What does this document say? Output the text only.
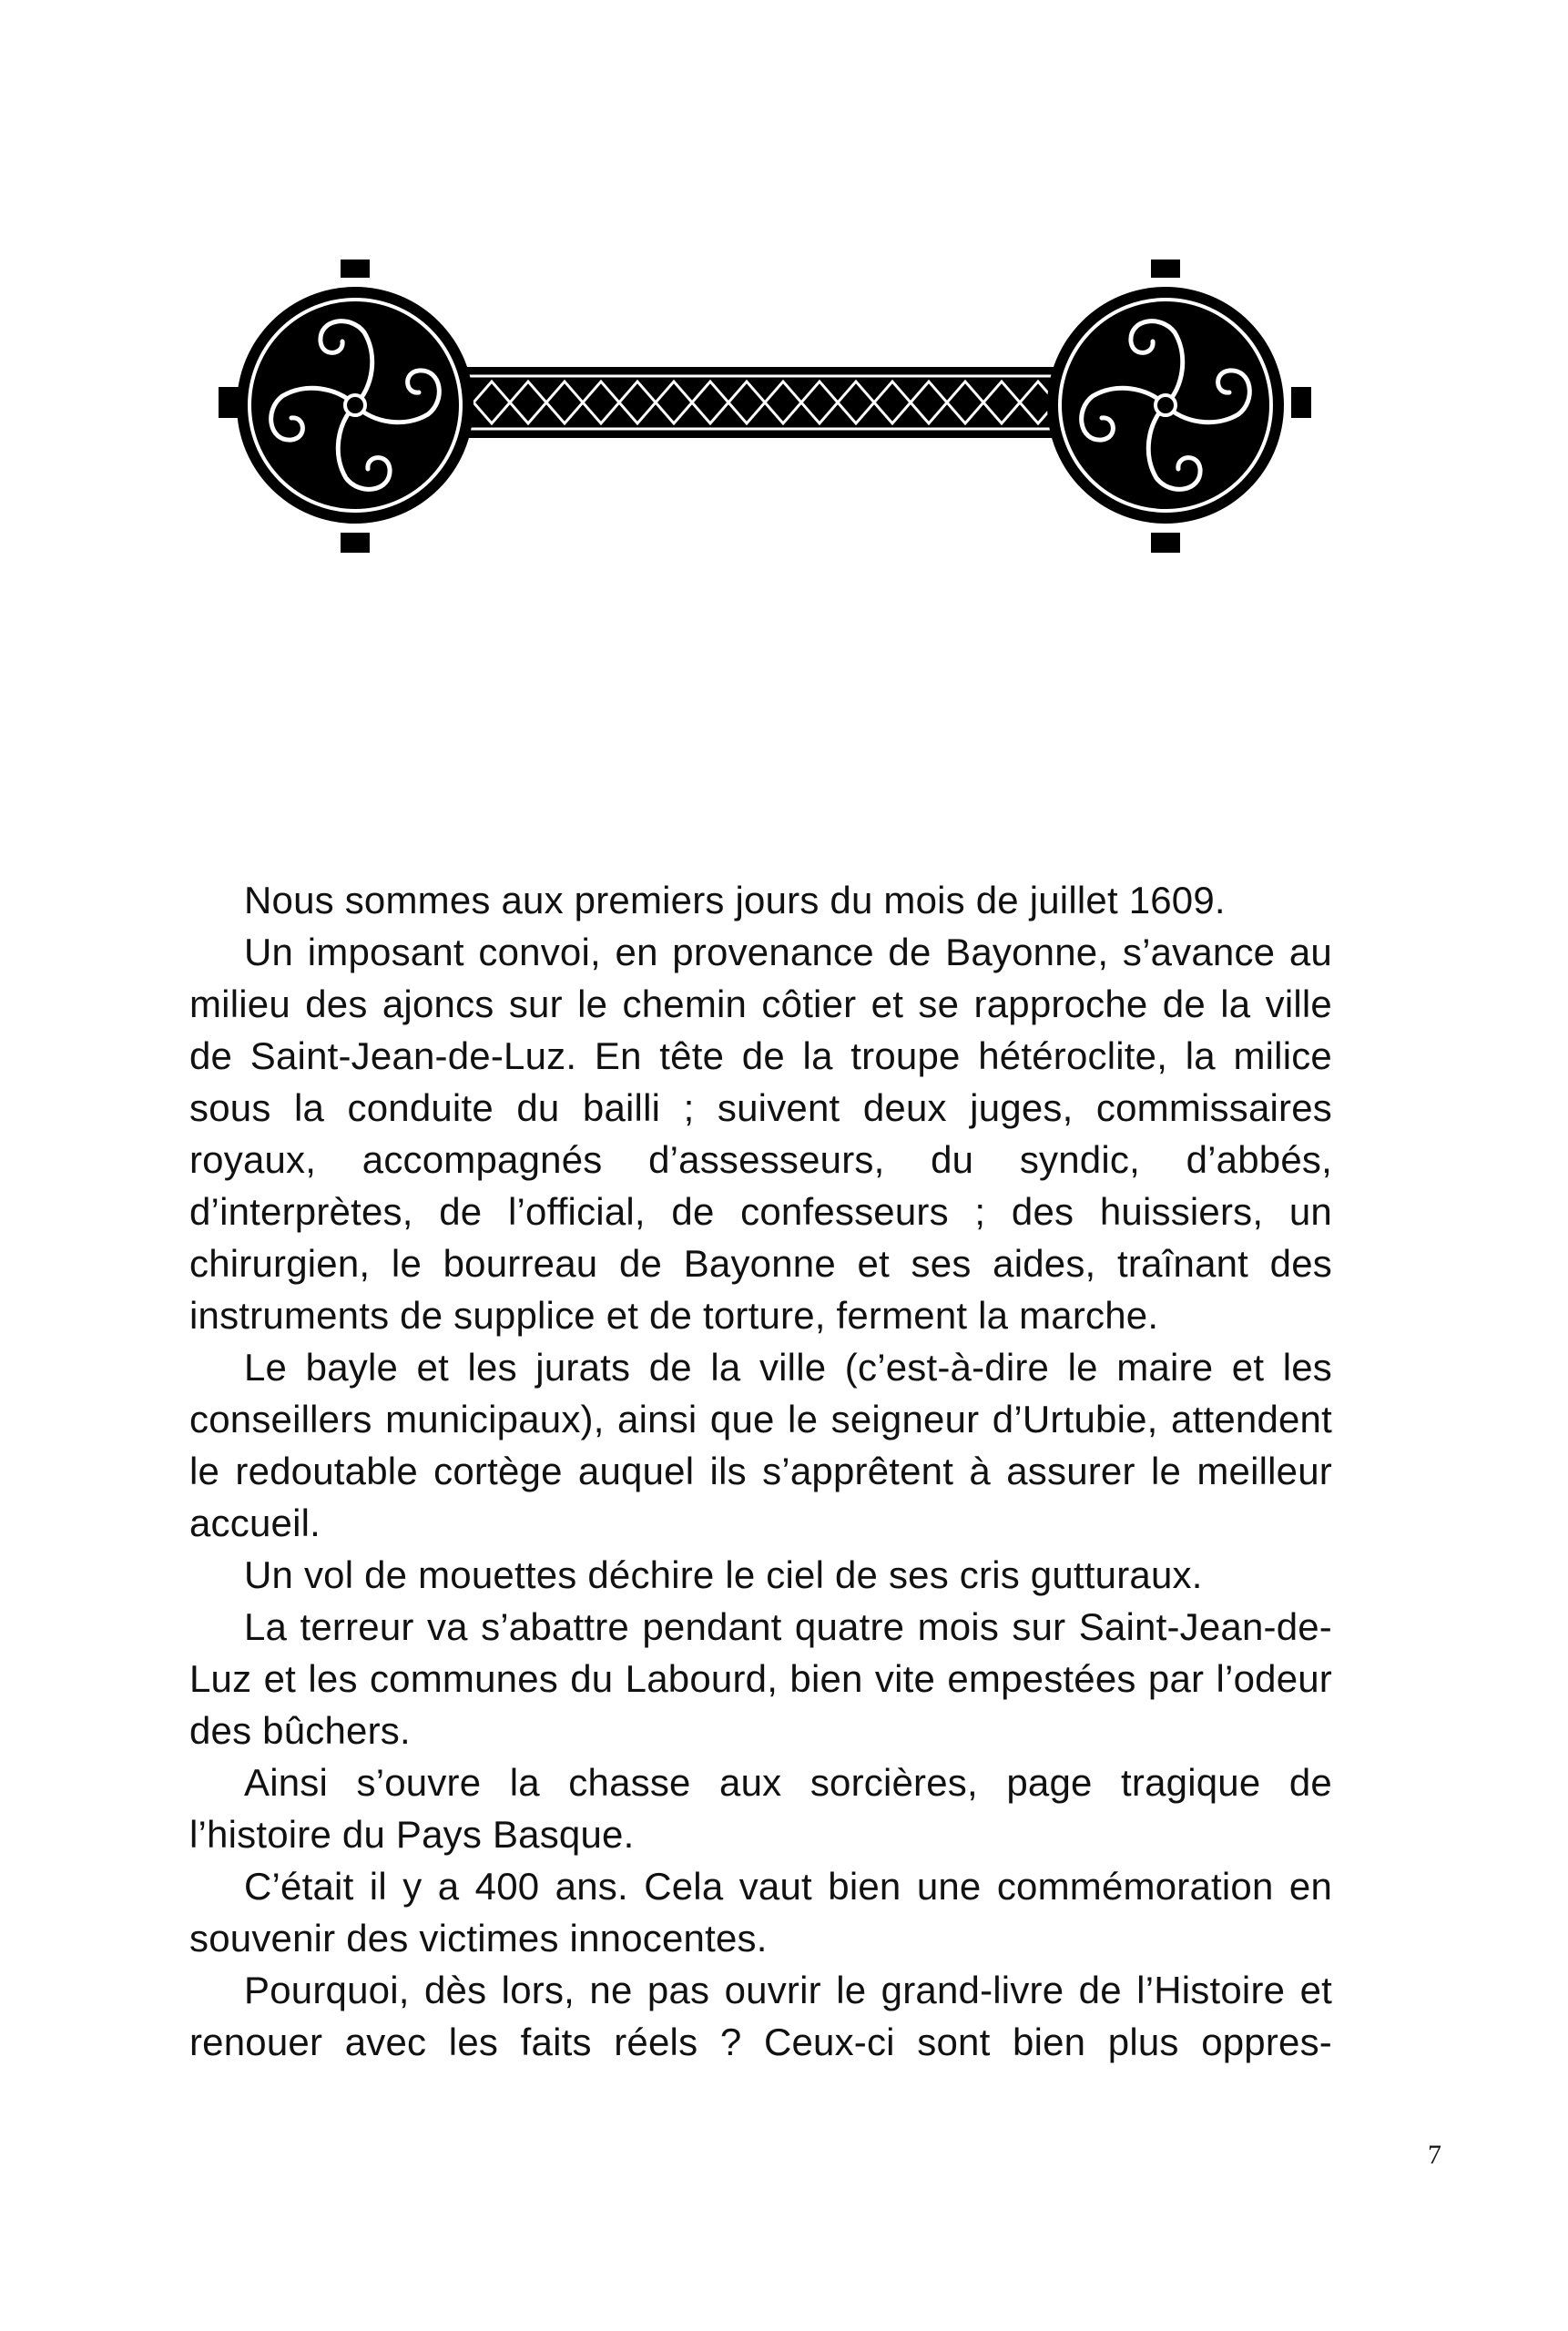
Nous sommes aux premiers jours du mois de juillet 1609.

Un imposant convoi, en provenance de Bayonne, s’avance au milieu des ajoncs sur le chemin côtier et se rapproche de la ville de Saint-Jean-de-Luz. En tête de la troupe hétéroclite, la milice sous la conduite du bailli ; suivent deux juges, commissaires royaux, accompagnés d’assesseurs, du syndic, d’abbés, d’interprètes, de l’official, de confesseurs ; des huissiers, un chirurgien, le bourreau de Bayonne et ses aides, traînant des instruments de supplice et de torture, ferment la marche.

Le bayle et les jurats de la ville (c’est-à-dire le maire et les conseillers municipaux), ainsi que le seigneur d’Urtubie, attendent le redoutable cortège auquel ils s’apprêtent à assurer le meilleur accueil.

Un vol de mouettes déchire le ciel de ses cris gutturaux.

La terreur va s’abattre pendant quatre mois sur Saint-Jean-de-Luz et les communes du Labourd, bien vite empestées par l’odeur des bûchers.

Ainsi s’ouvre la chasse aux sorcières, page tragique de l’histoire du Pays Basque.

C’était il y a 400 ans. Cela vaut bien une commémoration en souvenir des victimes innocentes.

Pourquoi, dès lors, ne pas ouvrir le grand-livre de l’Histoire et renouer avec les faits réels ? Ceux-ci sont bien plus oppres-

7
